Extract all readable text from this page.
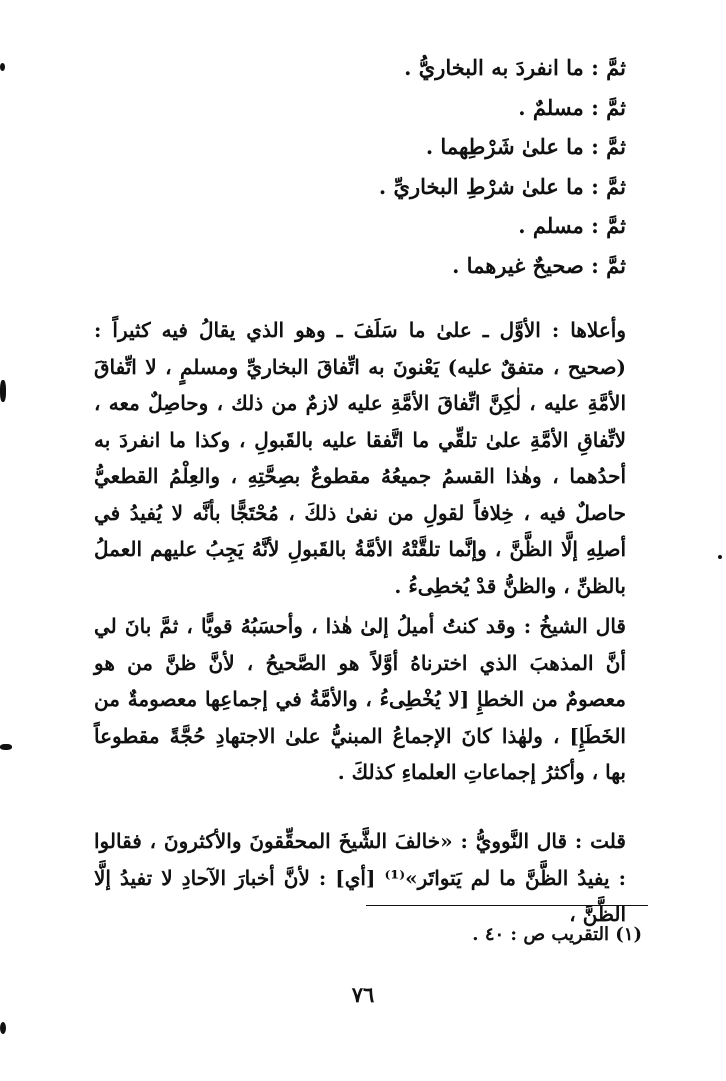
ثمَّ : ما انفردَ به البخاريُّ .
ثمَّ : مسلمٌ .
ثمَّ : ما علىٰ شَرْطِهما .
ثمَّ : ما علىٰ شرْطِ البخاريِّ .
ثمَّ : مسلم .
ثمَّ : صحيحٌ غيرهما .

وأعلاها : الأوَّل ـ علىٰ ما سَلَفَ ـ وهو الذي يقالُ فيه كثيراً : (صحيح ، متفقٌ عليه) يَعْنونَ به اتِّفاقَ البخاريِّ ومسلمٍ ، لا اتِّفاقَ الأمَّةِ عليه ، لٰكِنَّ اتِّفاقَ الأمَّةِ عليه لازمٌ من ذلك ، وحاصِلٌ معه ، لاتِّفاقِ الأمَّةِ علىٰ تلقِّي ما اتَّفقا عليه بالقَبولِ ، وكذا ما انفردَ به أحدُهما ، وهٰذا القسمُ جميعُهُ مقطوعٌ بصِحَّتِهِ ، والعِلْمُ القطعيُّ حاصلٌ فيه ، خِلافاً لقولِ من نفىٰ ذلكَ ، مُحْتَجًّا بأنَّه لا يُفيدُ في أصلِهِ إلَّا الظَّنَّ ، وإنَّما تلقَّتْهُ الأمَّةُ بالقَبولِ لأنَّهُ يَجِبُ عليهم العملُ بالظنِّ ، والظنُّ قدْ يُخطِىءُ .

قال الشيخُ : وقد كنتُ أميلُ إلىٰ هٰذا ، وأحسَبُهُ قويًّا ، ثمَّ بانَ لي أنَّ المذهبَ الذي اخترناهُ أوَّلاً هو الصَّحيحُ ، لأنَّ ظنَّ من هو معصومٌ من الخطإِ [لا يُخْطِىءُ ، والأمَّةُ في إجماعِها معصومةٌ من الخَطَإِ] ، ولهٰذا كانَ الإجماعُ المبنيُّ علىٰ الاجتهادِ حُجَّةً مقطوعاً بها ، وأكثرُ إجماعاتِ العلماءِ كذلكَ .

قلت : قال النَّوويُّ : «خالفَ الشَّيخَ المحقِّقونَ والأكثرونَ ، فقالوا : يفيدُ الظَّنَّ ما لم يَتواتَر»⁽¹⁾ [أي] : لأنَّ أخبارَ الآحادِ لا تفيدُ إلَّا الظَّنَّ ،

(١) التقريب ص : ٤٠ .
٧٦
